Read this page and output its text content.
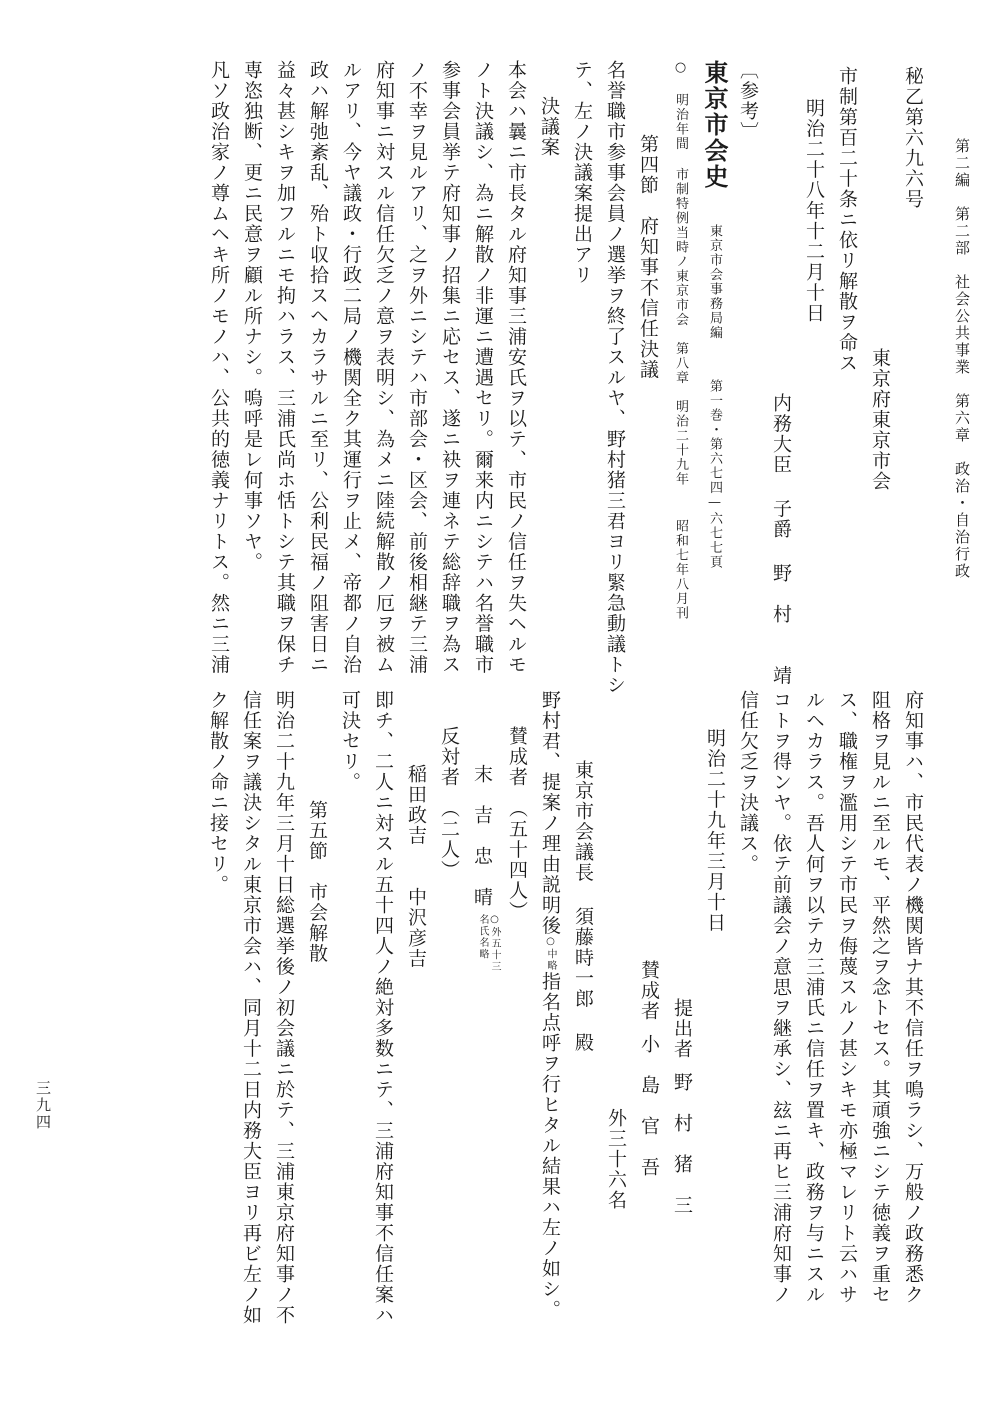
第二編　第二部　社会公共事業　第六章　政治・自治行政
三九四
秘乙第六九六号
東京府東京市会
市制第百二十条ニ依リ解散ヲ命ス
明治二十八年十二月十日
内務大臣 子爵 野　村　　靖
〔参考〕
東京市会史 東京市会事務局編 第一巻・第六七四—六七七頁
○ 明治年間 市制特例当時ノ東京市会　第八章　明治二十九年 昭和七年八月刊
第四節　府知事不信任決議
名誉職市参事会員ノ選挙ヲ終了スルヤ、野村猪三君ヨリ緊急動議トシ
テ、左ノ決議案提出アリ
決議案
本会ハ曩ニ市長タル府知事三浦安氏ヲ以テ、市民ノ信任ヲ失ヘルモ
ノト決議シ、為ニ解散ノ非運ニ遭遇セリ。爾来内ニシテハ名誉職市
参事会員挙テ府知事ノ招集ニ応セス、遂ニ袂ヲ連ネテ総辞職ヲ為ス
ノ不幸ヲ見ルアリ、之ヲ外ニシテハ市部会・区会、前後相継テ三浦
府知事ニ対スル信任欠乏ノ意ヲ表明シ、為メニ陸続解散ノ厄ヲ被ム
ルアリ、今ヤ議政・行政二局ノ機関全ク其運行ヲ止メ、帝都ノ自治
政ハ解弛紊乱、殆ト収拾スヘカラサルニ至リ、公利民福ノ阻害日ニ
益々甚シキヲ加フルニモ拘ハラス、三浦氏尚ホ恬トシテ其職ヲ保チ
専恣独断、更ニ民意ヲ顧ル所ナシ。嗚呼是レ何事ソヤ。
凡ソ政治家ノ尊ムヘキ所ノモノハ、公共的徳義ナリトス。然ニ三浦
府知事ハ、市民代表ノ機関皆ナ其不信任ヲ鳴ラシ、万般ノ政務悉ク
阻格ヲ見ルニ至ルモ、平然之ヲ念トセス。其頑強ニシテ徳義ヲ重セ
ス、職権ヲ濫用シテ市民ヲ侮蔑スルノ甚シキモ亦極マレリト云ハサ
ルヘカラス。吾人何ヲ以テカ三浦氏ニ信任ヲ置キ、政務ヲ与ニスル
コトヲ得ンヤ。依テ前議会ノ意思ヲ継承シ、玆ニ再ヒ三浦府知事ノ
信任欠乏ヲ決議ス。
明治二十九年三月十日
提出者野　村　猪　三
賛成者小　島　官　吾
外三十六名
東京市会議長 須藤時一郎 殿
野村君、提案ノ理由説明後○中略指名点呼ヲ行ヒタル結果ハ左ノ如シ。
賛成者　（五十四人）
末　吉　忠　晴○外五十三
名氏名略
反対者　（二人）
稲田政吉　　中沢彦吉
即チ、二人ニ対スル五十四人ノ絶対多数ニテ、三浦府知事不信任案ハ
可決セリ。
第五節　市会解散
明治二十九年三月十日総選挙後ノ初会議ニ於テ、三浦東京府知事ノ不
信任案ヲ議決シタル東京市会ハ、同月十二日内務大臣ヨリ再ビ左ノ如
ク解散ノ命ニ接セリ。
